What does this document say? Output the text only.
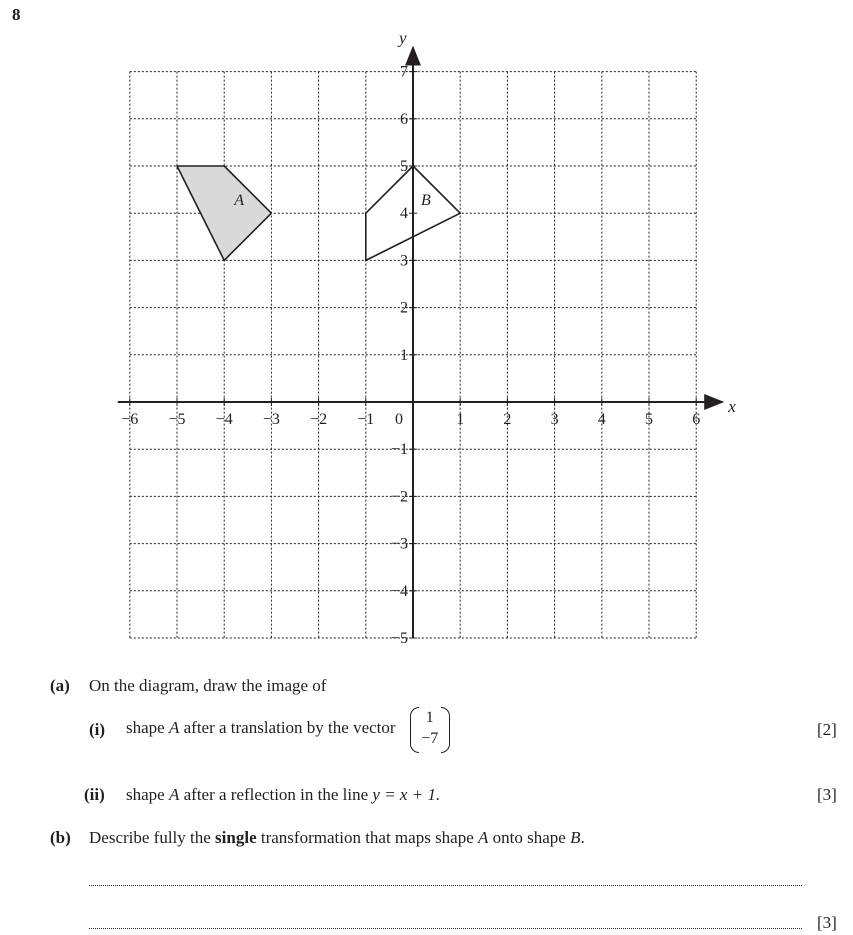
8
A	B
x
y
−6 −5 −4 −3 −2 −1 0	1 2 3 4 5 6
1
2
3
4
5
6
7
−1
−2
−3
−4
−5
(a) On the diagram, draw the image of
(i) shape A after a translation by the vector
1
−7	[2]
(ii) shape A after a reflection in the line y = x + 1.	[3]
(b) Describe fully the single transformation that maps shape A onto shape B.
[3]
